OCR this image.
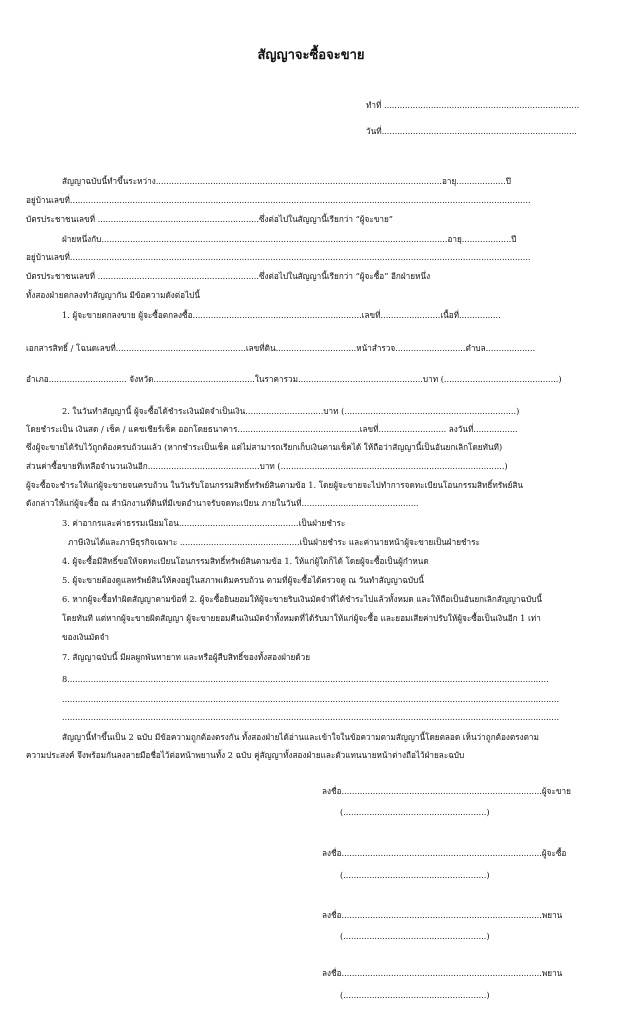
สัญญาจะซื้อจะขาย
ทำที่ ...........................................................................
วันที่...........................................................................
สัญญาฉบับนี้ทำขึ้นระหว่าง..............................................................................................................อายุ...................ปี
อยู่บ้านเลขที่.................................................................................................................................................................................
บัตรประชาชนเลขที่ ..............................................................ซึ่งต่อไปในสัญญานี้เรียกว่า “ผู้จะขาย”
ฝ่ายหนึ่งกับ.....................................................................................................................................อายุ...................ปี
อยู่บ้านเลขที่.................................................................................................................................................................................
บัตรประชาชนเลขที่ ..............................................................ซึ่งต่อไปในสัญญานี้เรียกว่า “ผู้จะซื้อ” อีกฝ่ายหนึ่ง
ทั้งสองฝ่ายตกลงทำสัญญากัน มีข้อความดังต่อไปนี้
1. ผู้จะขายตกลงขาย ผู้จะซื้อตกลงซื้อ.................................................................เลขที่.......................เนื้อที่................
เอกสารสิทธิ์ / โฉนดเลขที่..................................................เลขที่ดิน...............................หน้าสำรวจ...........................ตำบล...................
อำเภอ.............................. จังหวัด.......................................ในราคารวม................................................บาท (............................................)
2. ในวันทำสัญญานี้ ผู้จะซื้อได้ชำระเงินมัดจำเป็นเงิน..............................บาท (..................................................................)
โดยชำระเป็น เงินสด / เช็ค / แคชเชียร์เช็ค ออกโดยธนาคาร...............................................เลขที่.......................... ลงวันที่.................
ซึ่งผู้จะขายได้รับไว้ถูกต้องครบถ้วนแล้ว (หากชำระเป็นเช็ค แต่ไม่สามารถเรียกเก็บเงินตามเช็คได้ ให้ถือว่าสัญญานี้เป็นอันยกเลิกโดยทันที)
ส่วนค่าซื้อขายที่เหลือจำนวนเงินอีก...........................................บาท (......................................................................................)
ผู้จะซื้อจะชำระให้แก่ผู้จะขายจนครบถ้วน ในวันรับโอนกรรมสิทธิ์ทรัพย์สินตามข้อ 1. โดยผู้จะขายจะไปทำการจดทะเบียนโอนกรรมสิทธิ์ทรัพย์สิน
ดังกล่าวให้แก่ผู้จะซื้อ ณ สำนักงานที่ดินที่มีเขตอำนาจรับจดทะเบียน ภายในวันที่.............................................
3. ค่าอากรและค่าธรรมเนียมโอน..............................................เป็นฝ่ายชำระ
ภาษีเงินได้และภาษีธุรกิจเฉพาะ ..............................................เป็นฝ่ายชำระ และค่านายหน้าผู้จะขายเป็นฝ่ายชำระ
4. ผู้จะซื้อมีสิทธิ์ขอให้จดทะเบียนโอนกรรมสิทธิ์ทรัพย์สินตามข้อ 1. ให้แก่ผู้ใดก็ได้ โดยผู้จะซื้อเป็นผู้กำหนด
5. ผู้จะขายต้องดูแลทรัพย์สินให้คงอยู่ในสภาพเดิมครบถ้วน ตามที่ผู้จะซื้อได้ตรวจดู ณ วันทำสัญญาฉบับนี้
6. หากผู้จะซื้อทำผิดสัญญาตามข้อที่ 2. ผู้จะซื้อยินยอมให้ผู้จะขายริบเงินมัดจำที่ได้ชำระไปแล้วทั้งหมด และให้ถือเป็นอันยกเลิกสัญญาฉบับนี้
โดยทันที แต่หากผู้จะขายผิดสัญญา ผู้จะขายยอมคืนเงินมัดจำทั้งหมดที่ได้รับมาให้แก่ผู้จะซื้อ และยอมเสียค่าปรับให้ผู้จะซื้อเป็นเงินอีก 1 เท่า
ของเงินมัดจำ
7. สัญญาฉบับนี้ มีผลผูกพันทายาท และหรือผู้สืบสิทธิ์ของทั้งสองฝ่ายด้วย
8.........................................................................................................................................................................................
...............................................................................................................................................................................................
...............................................................................................................................................................................................
สัญญานี้ทำขึ้นเป็น 2 ฉบับ มีข้อความถูกต้องตรงกัน ทั้งสองฝ่ายได้อ่านและเข้าใจในข้อความตามสัญญานี้โดยตลอด เห็นว่าถูกต้องตรงตาม
ความประสงค์ จึงพร้อมกันลงลายมือชื่อไว้ต่อหน้าพยานทั้ง 2 ฉบับ คู่สัญญาทั้งสองฝ่ายและตัวแทนนายหน้าต่างถือไว้ฝ่ายละฉบับ
ลงชื่อ.............................................................................ผู้จะขาย
(.......................................................)
ลงชื่อ.............................................................................ผู้จะซื้อ
(.......................................................)
ลงชื่อ.............................................................................พยาน
(.......................................................)
ลงชื่อ.............................................................................พยาน
(.......................................................)
